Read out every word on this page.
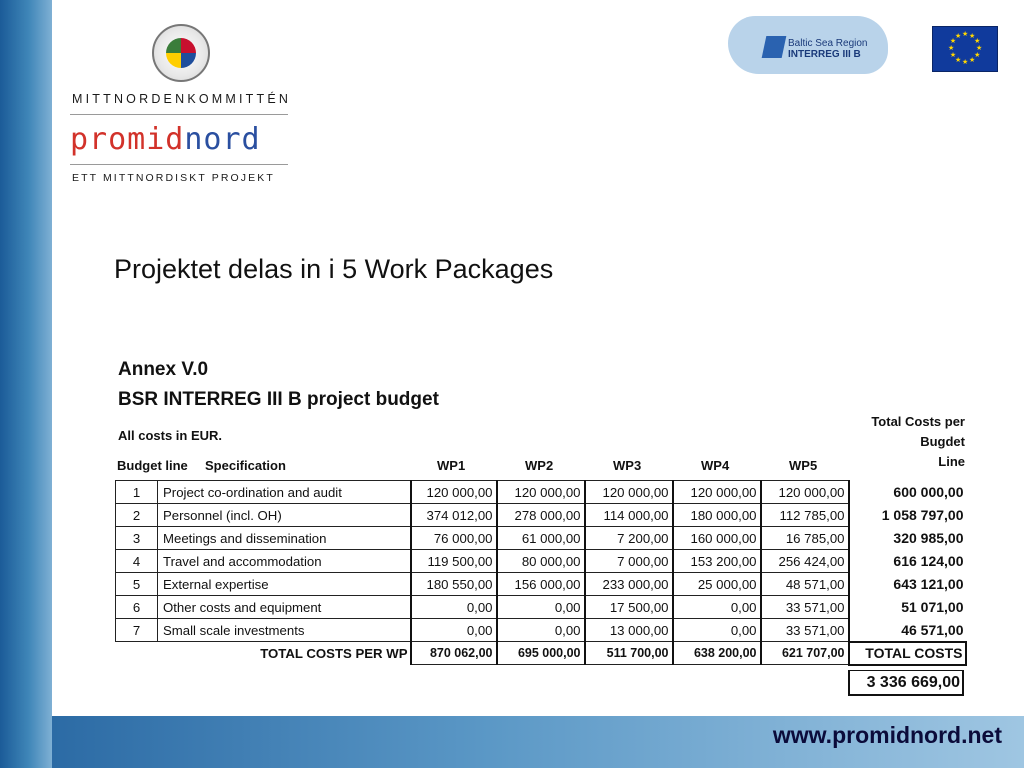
www.promidnord.net
MITTNORDENKOMMITTÉN
promidnord
ETT MITTNORDISKT PROJEKT
Baltic Sea Region
INTERREG III B
★
★
★
★
★
★
★
★
★ ★ ★
★
Projektet delas in i 5 Work Packages
Annex V.0
BSR INTERREG III B project budget
All costs in EUR.
Budget line Specification	WP1	WP2	WP3	WP4	WP5
Total Costs per
Bugdet
Line
1	Project co-ordination and audit	120 000,00	120 000,00	120 000,00	120 000,00	120 000,00	600 000,00
2	Personnel (incl. OH)	374 012,00	278 000,00	114 000,00	180 000,00	112 785,00	1 058 797,00
3	Meetings and dissemination	76 000,00	61 000,00	7 200,00	160 000,00	16 785,00	320 985,00
4	Travel and accommodation	119 500,00	80 000,00	7 000,00	153 200,00	256 424,00	616 124,00
5	External expertise	180 550,00	156 000,00	233 000,00	25 000,00	48 571,00	643 121,00
6	Other costs and equipment	0,00	0,00	17 500,00	0,00	33 571,00	51 071,00
7	Small scale investments	0,00	0,00	13 000,00	0,00	33 571,00	46 571,00
TOTAL COSTS PER WP		870 062,00	695 000,00	511 700,00	638 200,00	621 707,00	TOTAL COSTS
3 336 669,00
